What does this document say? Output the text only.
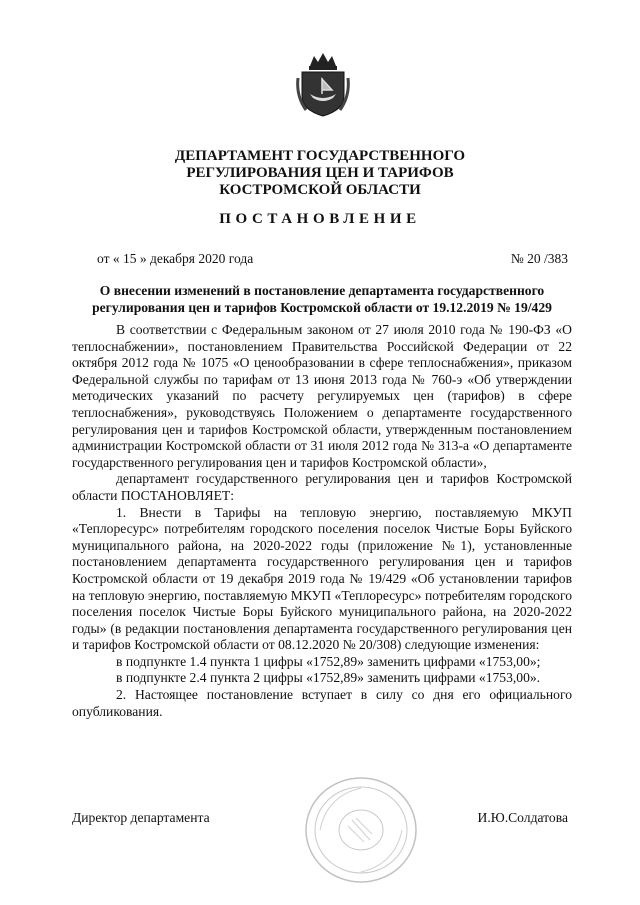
ДЕПАРТАМЕНТ ГОСУДАРСТВЕННОГО
РЕГУЛИРОВАНИЯ ЦЕН И ТАРИФОВ
КОСТРОМСКОЙ ОБЛАСТИ
ПОСТАНОВЛЕНИЕ
от « 15 » декабря 2020 года	№ 20 /383
О внесении изменений в постановление департамента государственного регулирования цен и тарифов Костромской области от 19.12.2019 № 19/429

В соответствии с Федеральным законом от 27 июля 2010 года № 190-ФЗ «О теплоснабжении», постановлением Правительства Российской Федерации от 22 октября 2012 года № 1075 «О ценообразовании в сфере теплоснабжения», приказом Федеральной службы по тарифам от 13 июня 2013 года № 760-э «Об утверждении методических указаний по расчету регулируемых цен (тарифов) в сфере теплоснабжения», руководствуясь Положением о департаменте государственного регулирования цен и тарифов Костромской области, утвержденным постановлением администрации Костромской области от 31 июля 2012 года № 313-а «О департаменте государственного регулирования цен и тарифов Костромской области»,

департамент государственного регулирования цен и тарифов Костромской области ПОСТАНОВЛЯЕТ:

1. Внести в Тарифы на тепловую энергию, поставляемую МКУП «Теплоресурс» потребителям городского поселения поселок Чистые Боры Буйского муниципального района, на 2020-2022 годы (приложение №1), установленные постановлением департамента государственного регулирования цен и тарифов Костромской области от 19 декабря 2019 года № 19/429 «Об установлении тарифов на тепловую энергию, поставляемую МКУП «Теплоресурс» потребителям городского поселения поселок Чистые Боры Буйского муниципального района, на 2020-2022 годы» (в редакции постановления департамента государственного регулирования цен и тарифов Костромской области от 08.12.2020 № 20/308) следующие изменения:

в подпункте 1.4 пункта 1 цифры «1752,89» заменить цифрами «1753,00»;

в подпункте 2.4 пункта 2 цифры «1752,89» заменить цифрами «1753,00».

2. Настоящее постановление вступает в силу со дня его официального опубликования.

Директор департамента	И.Ю.Солдатова
